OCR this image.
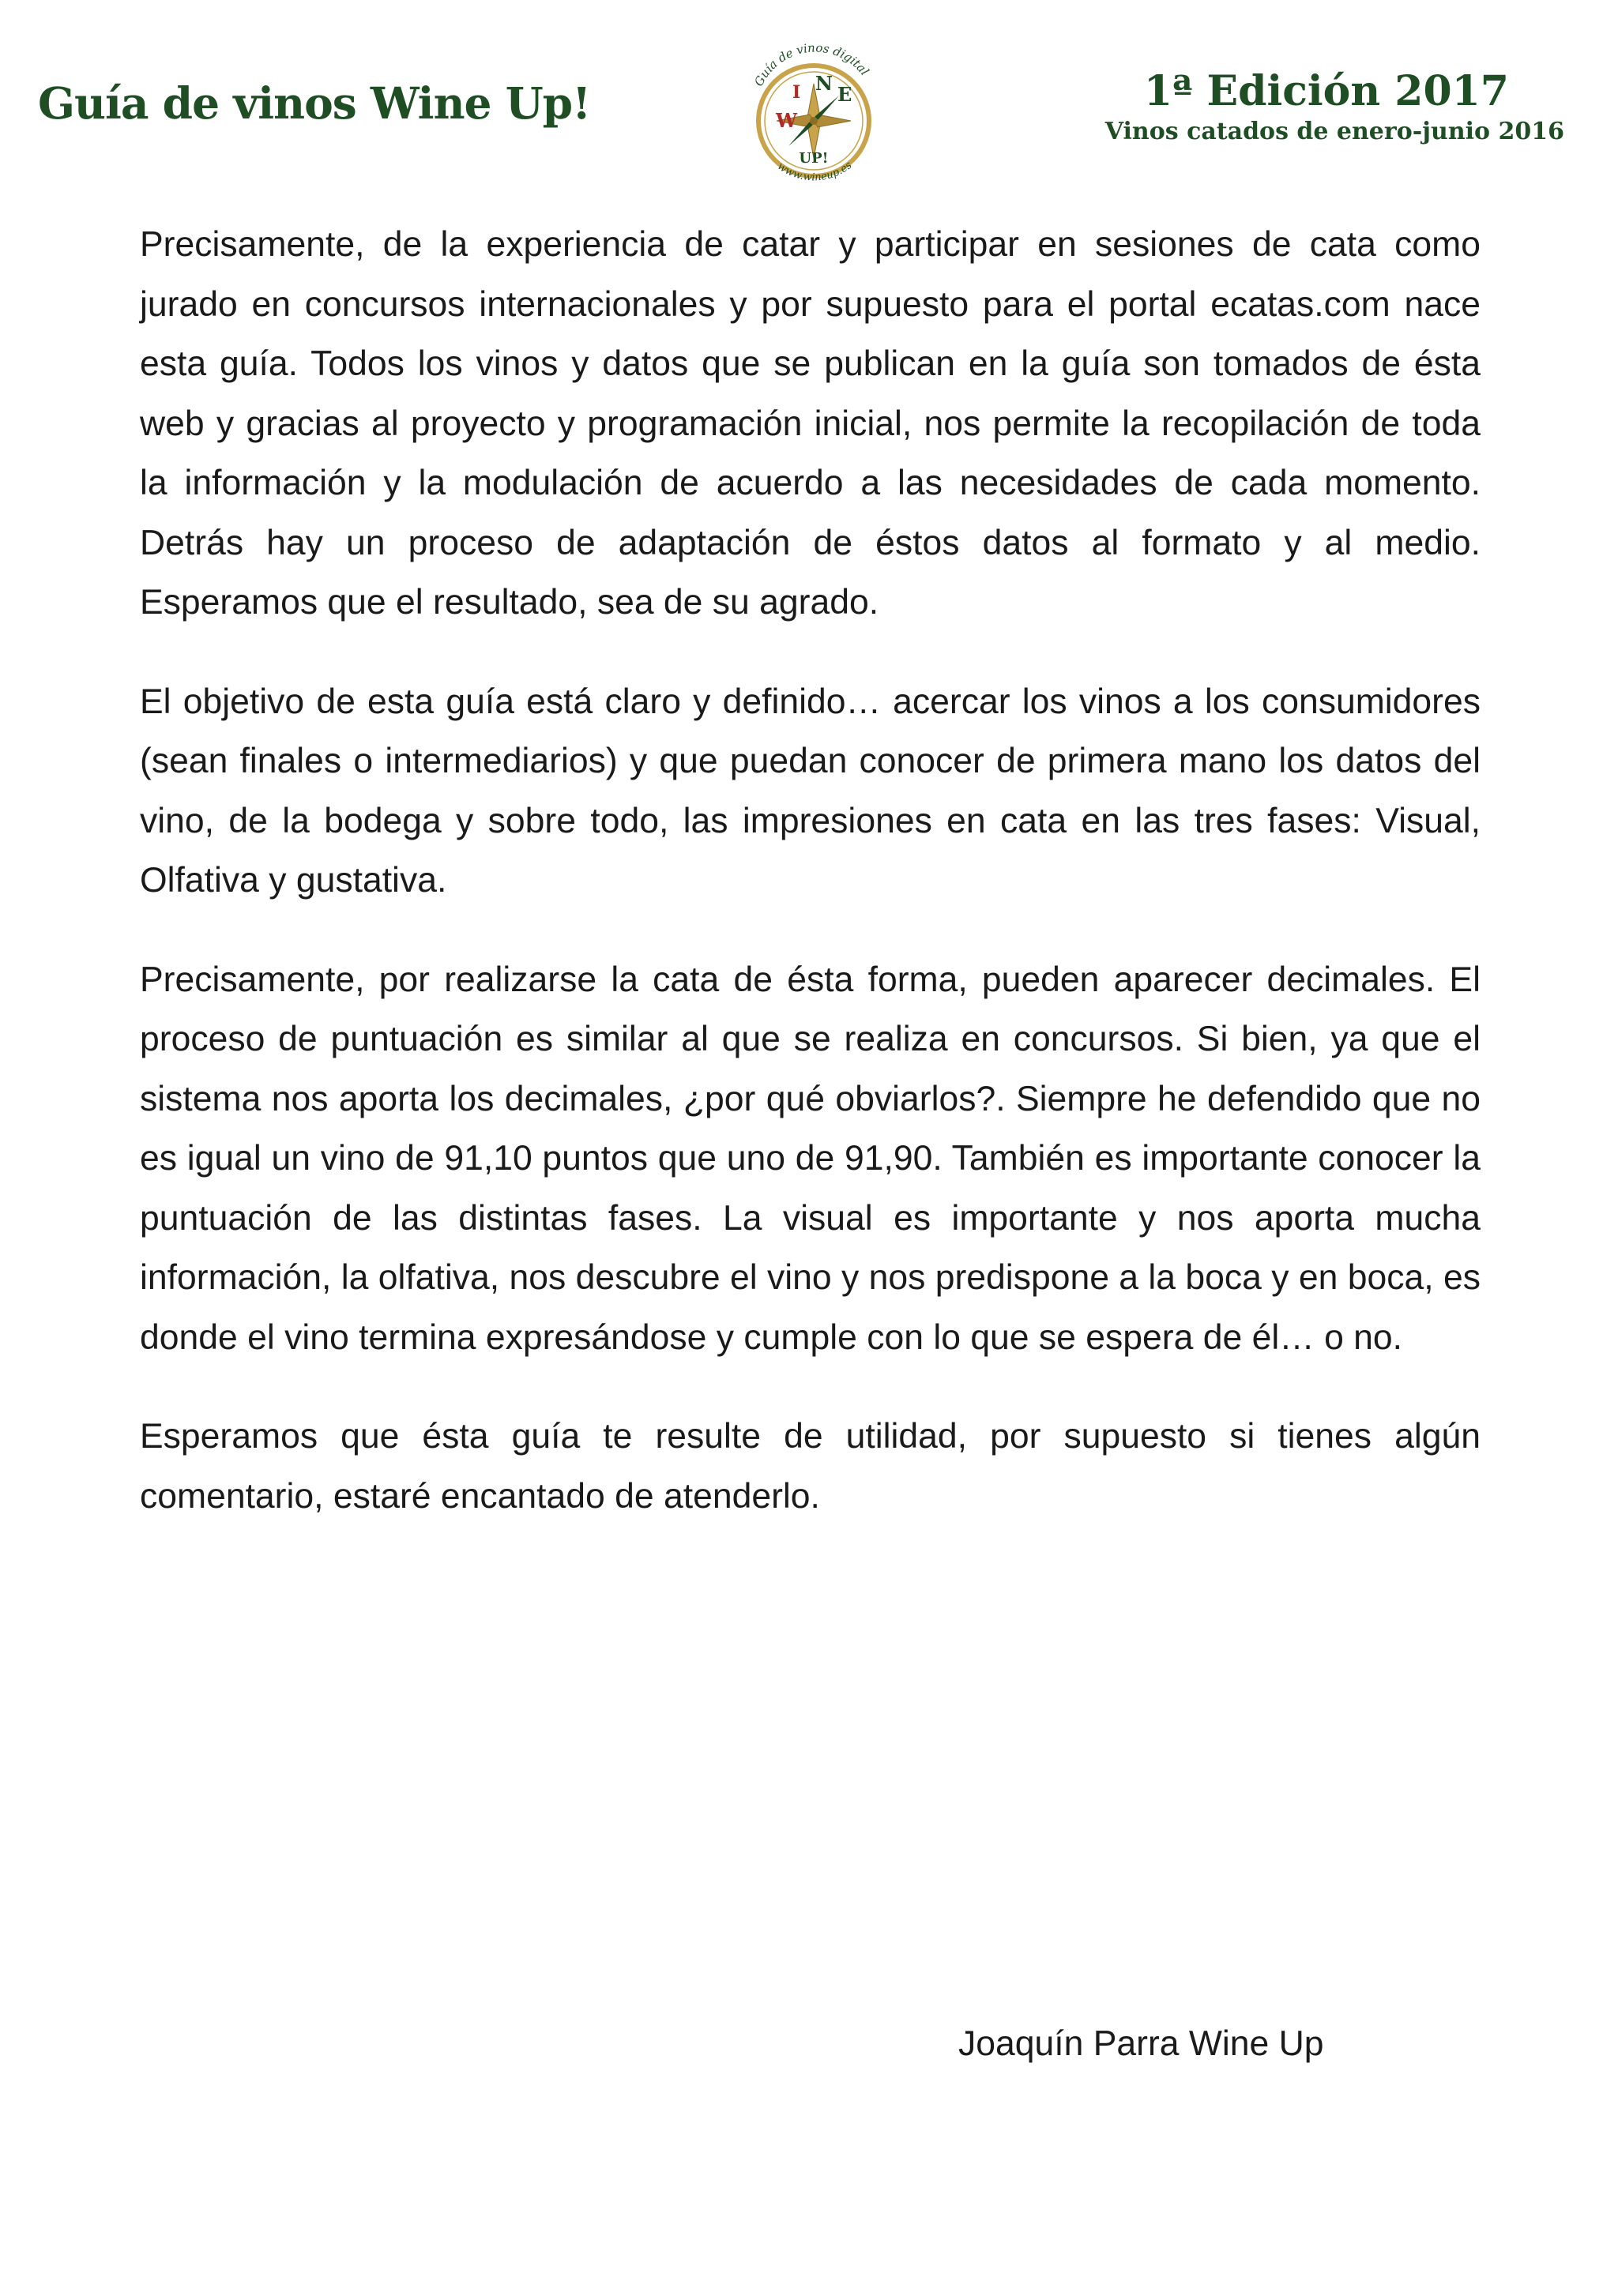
Guía de vinos Wine Up!	Guía de vinos digital
W
I N E
UP!
www.wineup.es
1ª Edición 2017
Vinos catados de enero-junio 2016

Precisamente, de la experiencia de catar y participar en sesiones de cata como jurado en concursos internacionales y por supuesto para el portal ecatas.com nace esta guía. Todos los vinos y datos que se publican en la guía son tomados de ésta web y gracias al proyecto y programación inicial, nos permite la recopilación de toda la información y la modulación de acuerdo a las necesidades de cada momento. Detrás hay un proceso de adaptación de éstos datos al formato y al medio. Esperamos que el resultado, sea de su agrado.

El objetivo de esta guía está claro y definido… acercar los vinos a los consumidores (sean finales o intermediarios) y que puedan conocer de primera mano los datos del vino, de la bodega y sobre todo, las impresiones en cata en las tres fases: Visual, Olfativa y gustativa.

Precisamente, por realizarse la cata de ésta forma, pueden aparecer decimales. El proceso de puntuación es similar al que se realiza en concursos. Si bien, ya que el sistema nos aporta los decimales, ¿por qué obviarlos?. Siempre he defendido que no es igual un vino de 91,10 puntos que uno de 91,90. También es importante conocer la puntuación de las distintas fases. La visual es importante y nos aporta mucha información, la olfativa, nos descubre el vino y nos predispone a la boca y en boca, es donde el vino termina expresándose y cumple con lo que se espera de él… o no.

Esperamos que ésta guía te resulte de utilidad, por supuesto si tienes algún comentario, estaré encantado de atenderlo.

Joaquín Parra Wine Up
